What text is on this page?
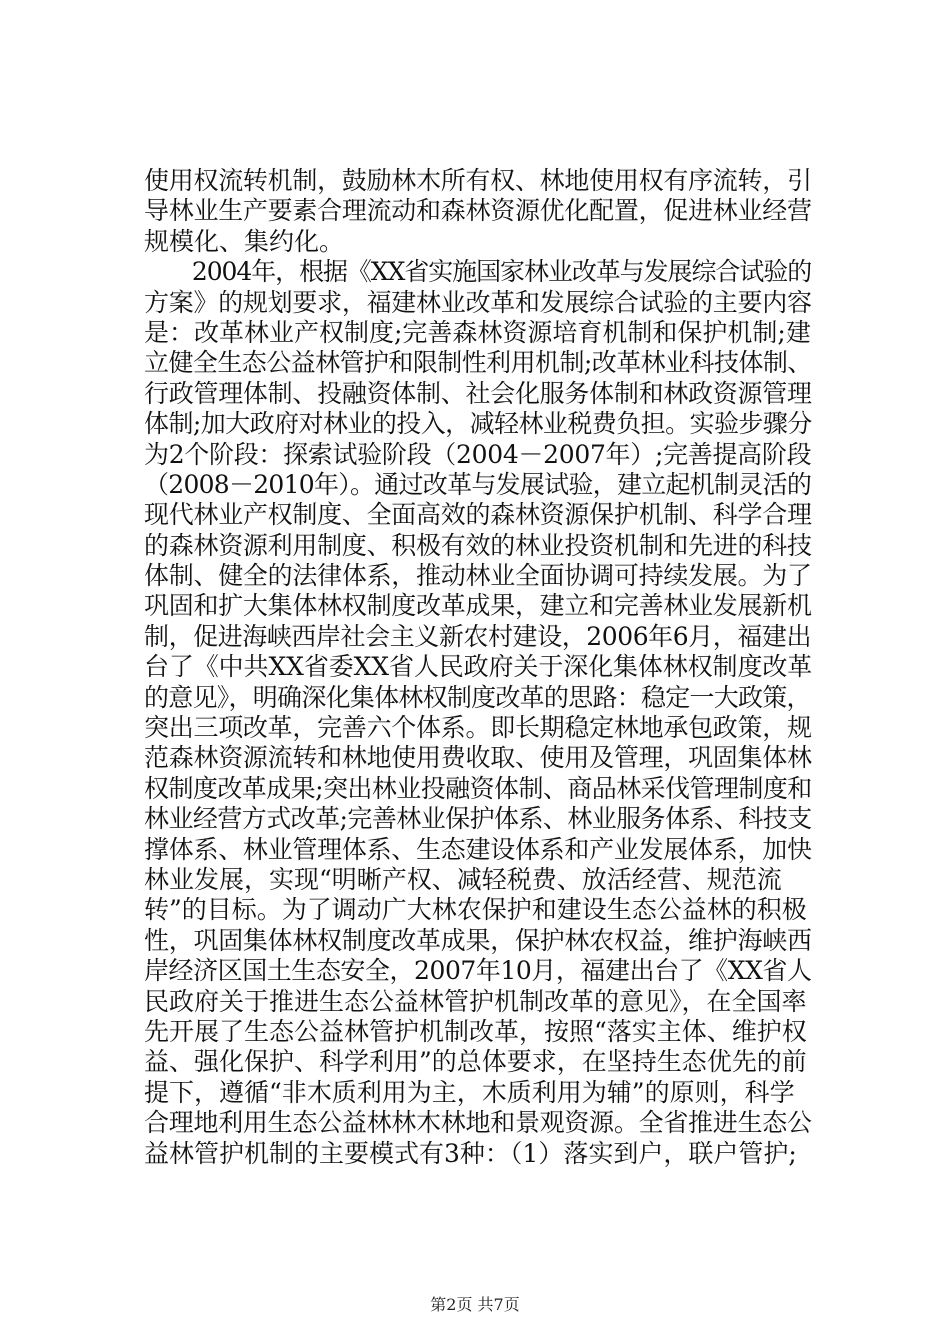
使用权流转机制，鼓励林木所有权、林地使用权有序流转，引
导林业生产要素合理流动和森林资源优化配置，促进林业经营
规模化、集约化。
　　2004年，根据《XX省实施国家林业改革与发展综合试验的
方案》的规划要求，福建林业改革和发展综合试验的主要内容
是：改革林业产权制度;完善森林资源培育机制和保护机制;建
立健全生态公益林管护和限制性利用机制;改革林业科技体制、
行政管理体制、投融资体制、社会化服务体制和林政资源管理
体制;加大政府对林业的投入，减轻林业税费负担。实验步骤分
为2个阶段：探索试验阶段（2004－2007年）;完善提高阶段
（2008－2010年）。通过改革与发展试验，建立起机制灵活的
现代林业产权制度、全面高效的森林资源保护机制、科学合理
的森林资源利用制度、积极有效的林业投资机制和先进的科技
体制、健全的法律体系，推动林业全面协调可持续发展。为了
巩固和扩大集体林权制度改革成果，建立和完善林业发展新机
制，促进海峡西岸社会主义新农村建设，2006年6月，福建出
台了《中共XX省委XX省人民政府关于深化集体林权制度改革
的意见》，明确深化集体林权制度改革的思路：稳定一大政策，
突出三项改革，完善六个体系。即长期稳定林地承包政策，规
范森林资源流转和林地使用费收取、使用及管理，巩固集体林
权制度改革成果;突出林业投融资体制、商品林采伐管理制度和
林业经营方式改革;完善林业保护体系、林业服务体系、科技支
撑体系、林业管理体系、生态建设体系和产业发展体系，加快
林业发展，实现“明晰产权、减轻税费、放活经营、规范流
转”的目标。为了调动广大林农保护和建设生态公益林的积极
性，巩固集体林权制度改革成果，保护林农权益，维护海峡西
岸经济区国土生态安全，2007年10月，福建出台了《XX省人
民政府关于推进生态公益林管护机制改革的意见》，在全国率
先开展了生态公益林管护机制改革，按照“落实主体、维护权
益、强化保护、科学利用”的总体要求，在坚持生态优先的前
提下，遵循“非木质利用为主，木质利用为辅”的原则，科学
合理地利用生态公益林林木林地和景观资源。全省推进生态公
益林管护机制的主要模式有3种：（1）落实到户，联户管护;
第2页 共7页
